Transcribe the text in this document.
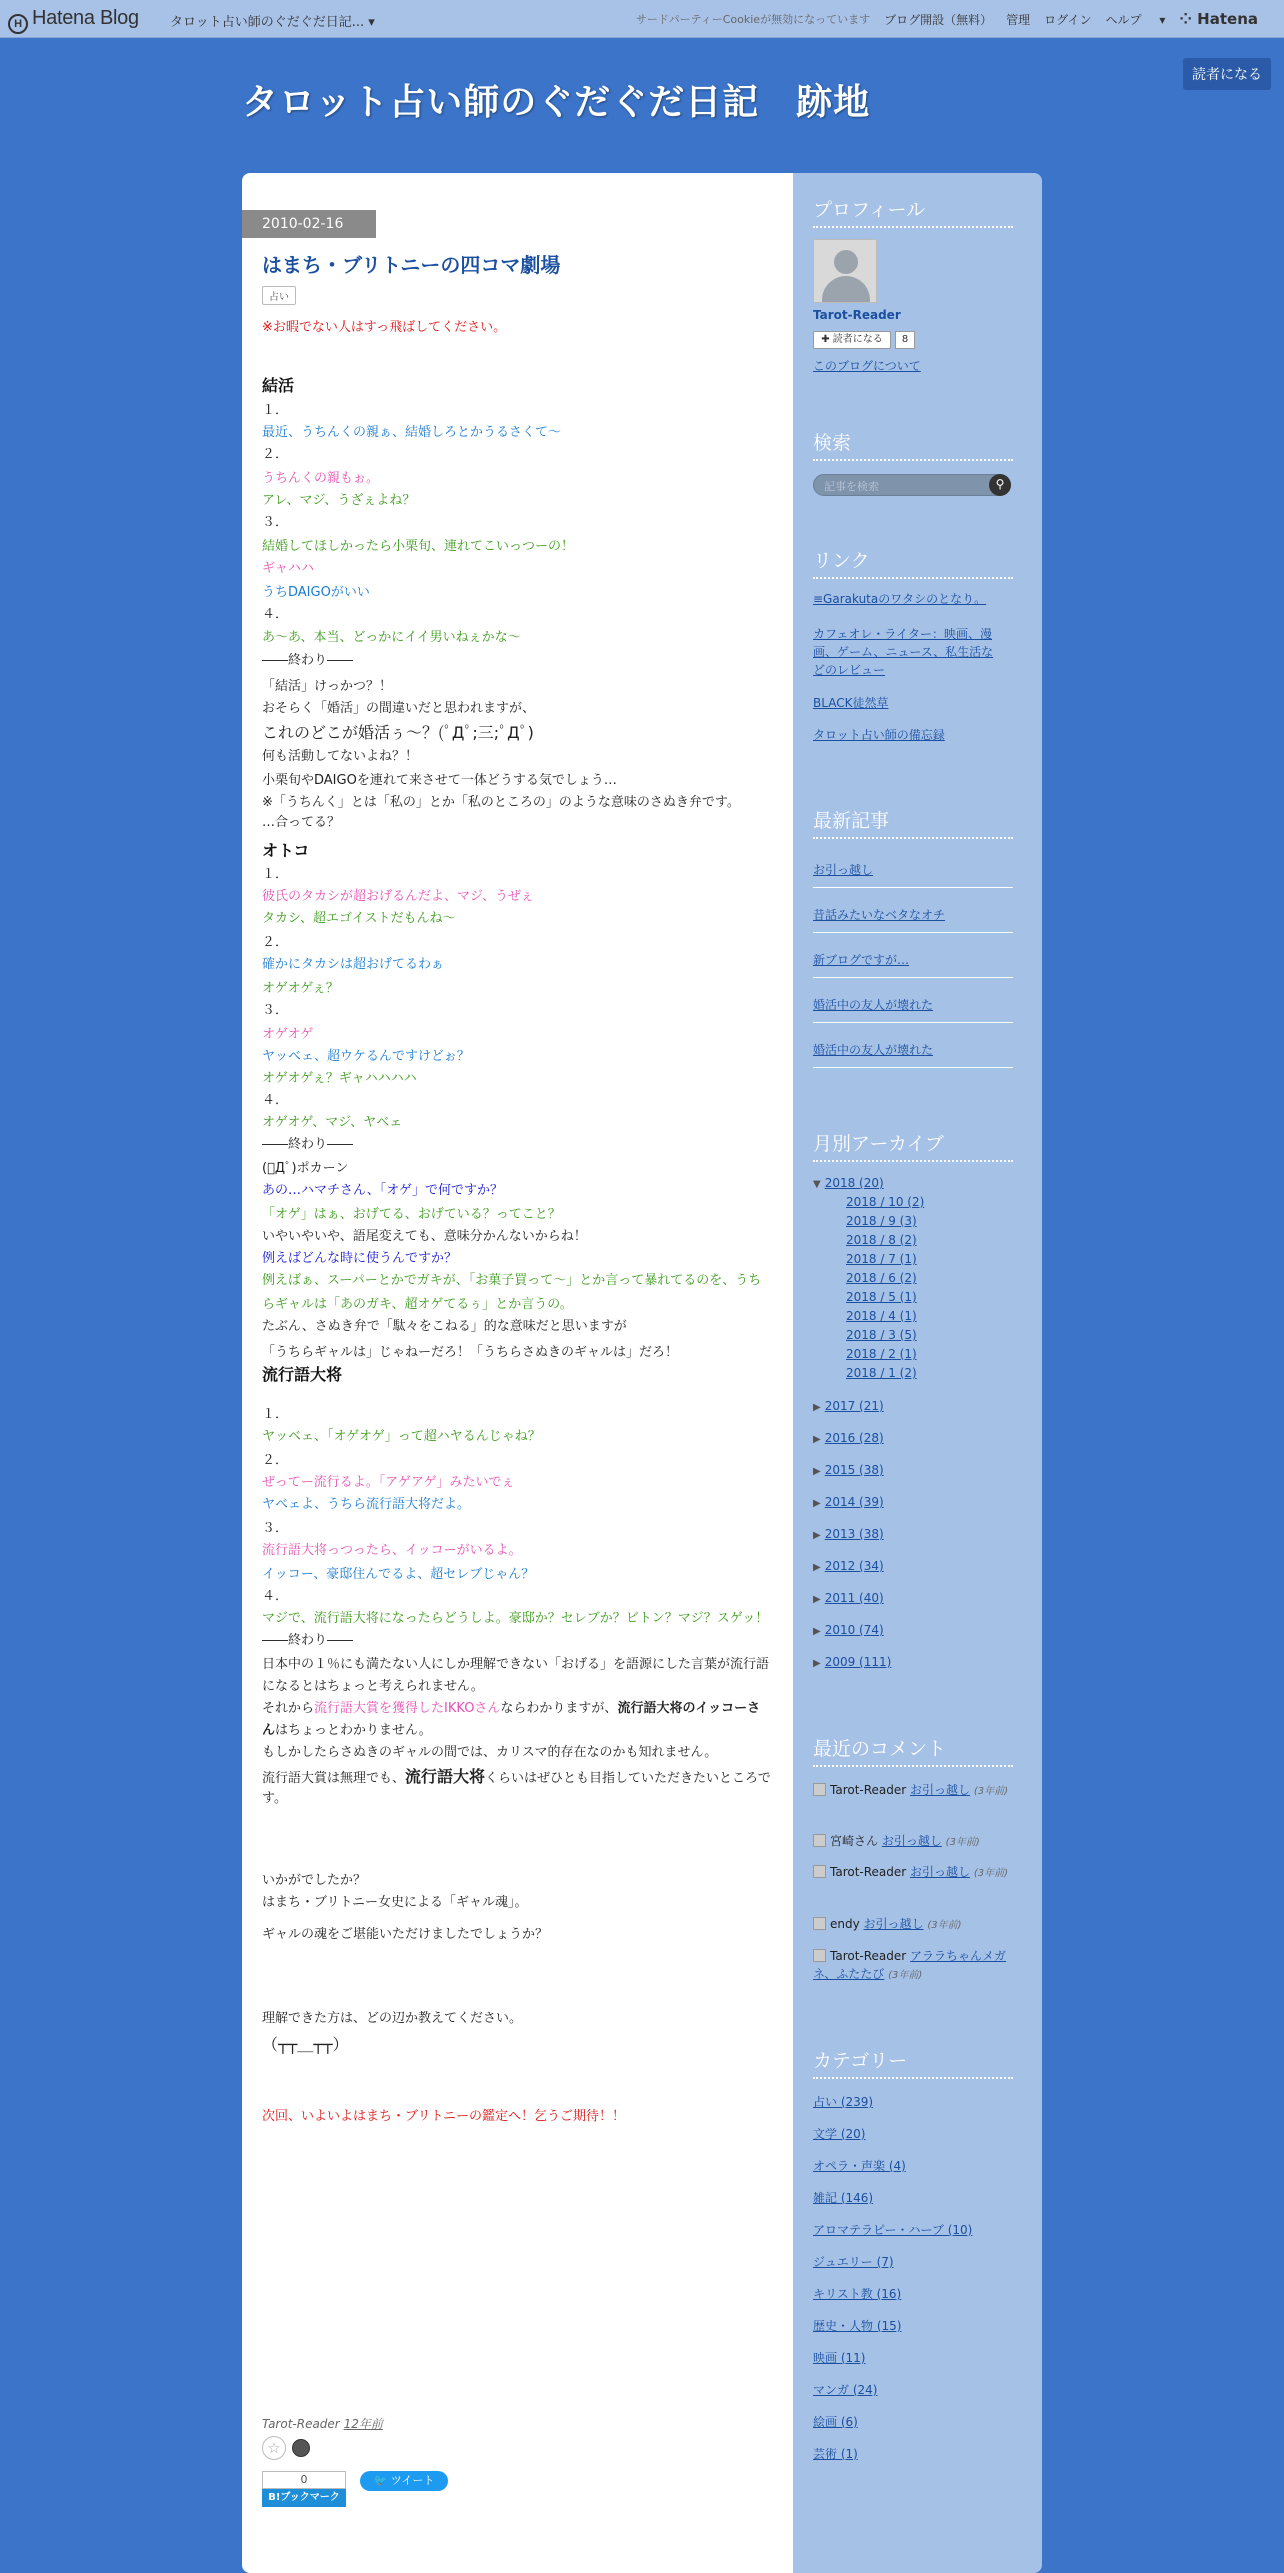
H Hatena Blog タロット占い師のぐだぐだ日記... ▾	サードパーティーCookieが無効になっています ブログ開設（無料） 管理 ログイン ヘルプ ▾ ⁘ Hatena
読者になる
タロット占い師のぐだぐだ日記　跡地
2010-02-16
はまち・ブリトニーの四コマ劇場
占い
※お暇でない人はすっ飛ばしてください。
結活
１．
最近、うちんくの親ぁ、結婚しろとかうるさくて〜
２．
うちんくの親もぉ。
アレ、マジ、うざぇよね？
３．
結婚してほしかったら小栗旬、連れてこいっつーの！
ギャハハ
うちDAIGOがいい
４．
あ〜あ、本当、どっかにイイ男いねぇかな〜
――終わり――
「結活」けっかつ？！
おそらく「婚活」の間違いだと思われますが、
これのどこが婚活ぅ〜？(ﾟДﾟ;三;ﾟДﾟ)
何も活動してないよね？！
小栗旬やDAIGOを連れて来させて一体どうする気でしょう…
※「うちんく」とは「私の」とか「私のところの」のような意味のさぬき弁です。
…合ってる？
オトコ
１．
彼氏のタカシが超おげるんだよ、マジ、うぜぇ
タカシ、超エゴイストだもんね〜
２．
確かにタカシは超おげてるわぁ
オゲオゲぇ？
３．
オゲオゲ
ヤッベェ、超ウケるんですけどぉ？
オゲオゲぇ？ギャハハハハ
４．
オゲオゲ、マジ、ヤベェ
――終わり――
(ﾟДﾟ)ポカーン
あの…ハマチさん、「オゲ」で何ですか？
「オゲ」はぁ、おげてる、おげている？ってこと？
いやいやいや、語尾変えても、意味分かんないからね！
例えばどんな時に使うんですか？
例えばぁ、スーパーとかでガキが、「お菓子買って〜」とか言って暴れてるのを、うち
らギャルは「あのガキ、超オゲてるぅ」とか言うの。
たぶん、さぬき弁で「駄々をこねる」的な意味だと思いますが
「うちらギャルは」じゃねーだろ！「うちらさぬきのギャルは」だろ！
流行語大将
１．
ヤッベェ、「オゲオゲ」って超ハヤるんじゃね？
２．
ぜってー流行るよ。「アゲアゲ」みたいでぇ
ヤベェよ、うちら流行語大将だよ。
３．
流行語大将っつったら、イッコーがいるよ。
イッコー、豪邸住んでるよ、超セレブじゃん？
４．
マジで、流行語大将になったらどうしよ。豪邸か？セレブか？ビトン？マジ？スゲッ！
――終わり――
日本中の１％にも満たない人にしか理解できない「おげる」を語源にした言葉が流行語
になるとはちょっと考えられません。
それから流行語大賞を獲得したIKKOさんならわかりますが、流行語大将のイッコーさ
んはちょっとわかりません。
もしかしたらさぬきのギャルの間では、カリスマ的存在なのかも知れません。
流行語大賞は無理でも、流行語大将くらいはぜひとも目指していただきたいところで
す。
いかがでしたか？
はまち・ブリトニー女史による「ギャル魂」。
ギャルの魂をご堪能いただけましたでしょうか？
理解できた方は、どの辺か教えてください。
（┬┬＿┬┬）
次回、いよいよはまち・ブリトニーの鑑定へ！乞うご期待！！
Tarot-Reader 12年前
☆
0
B!ブックマーク
🐦 ツイート
プロフィール
Tarot-Reader
✚ 読者になる	8
このブログについて
検索
記事を検索	⚲
リンク
≡Garakutaのワタシのとなり。
カフェオレ・ライター：映画、漫
画、ゲーム、ニュース、私生活な
どのレビュー
BLACK徒然草
タロット占い師の備忘録
最新記事
お引っ越し
昔話みたいなベタなオチ
新ブログですが…
婚活中の友人が壊れた
婚活中の友人が壊れた
月別アーカイブ
▼ 2018 (20)
2018 / 10 (2)
2018 / 9 (3)
2018 / 8 (2)
2018 / 7 (1)
2018 / 6 (2)
2018 / 5 (1)
2018 / 4 (1)
2018 / 3 (5)
2018 / 2 (1)
2018 / 1 (2)
▶ 2017 (21)
▶ 2016 (28)
▶ 2015 (38)
▶ 2014 (39)
▶ 2013 (38)
▶ 2012 (34)
▶ 2011 (40)
▶ 2010 (74)
▶ 2009 (111)
最近のコメント
Tarot-Reader お引っ越し (3年前)
宮崎さん お引っ越し (3年前)
Tarot-Reader お引っ越し (3年前)
endy お引っ越し (3年前)
Tarot-Reader アララちゃんメガネ、ふたたび (3年前)
カテゴリー
占い (239)
文学 (20)
オペラ・声楽 (4)
雑記 (146)
アロマテラピー・ハーブ (10)
ジュエリー (7)
キリスト教 (16)
歴史・人物 (15)
映画 (11)
マンガ (24)
絵画 (6)
芸術 (1)
